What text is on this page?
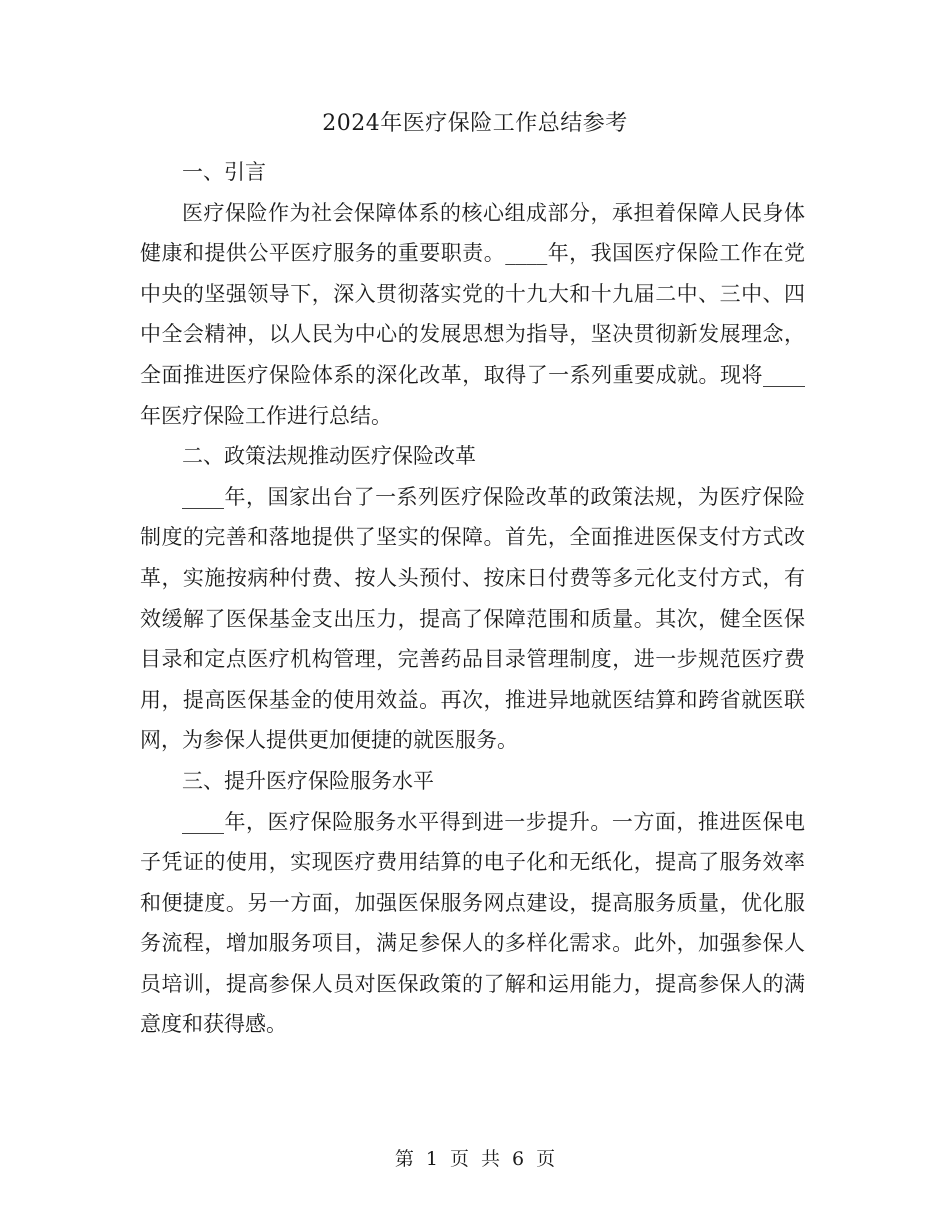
2024年医疗保险工作总结参考

一、引言

医疗保险作为社会保障体系的核心组成部分，承担着保障人民身体健康和提供公平医疗服务的重要职责。____年，我国医疗保险工作在党中央的坚强领导下，深入贯彻落实党的十九大和十九届二中、三中、四中全会精神，以人民为中心的发展思想为指导，坚决贯彻新发展理念，全面推进医疗保险体系的深化改革，取得了一系列重要成就。现将____年医疗保险工作进行总结。

二、政策法规推动医疗保险改革

____年，国家出台了一系列医疗保险改革的政策法规，为医疗保险制度的完善和落地提供了坚实的保障。首先，全面推进医保支付方式改革，实施按病种付费、按人头预付、按床日付费等多元化支付方式，有效缓解了医保基金支出压力，提高了保障范围和质量。其次，健全医保目录和定点医疗机构管理，完善药品目录管理制度，进一步规范医疗费用，提高医保基金的使用效益。再次，推进异地就医结算和跨省就医联网，为参保人提供更加便捷的就医服务。

三、提升医疗保险服务水平

____年，医疗保险服务水平得到进一步提升。一方面，推进医保电子凭证的使用，实现医疗费用结算的电子化和无纸化，提高了服务效率和便捷度。另一方面，加强医保服务网点建设，提高服务质量，优化服务流程，增加服务项目，满足参保人的多样化需求。此外，加强参保人员培训，提高参保人员对医保政策的了解和运用能力，提高参保人的满意度和获得感。

第 1 页 共 6 页
